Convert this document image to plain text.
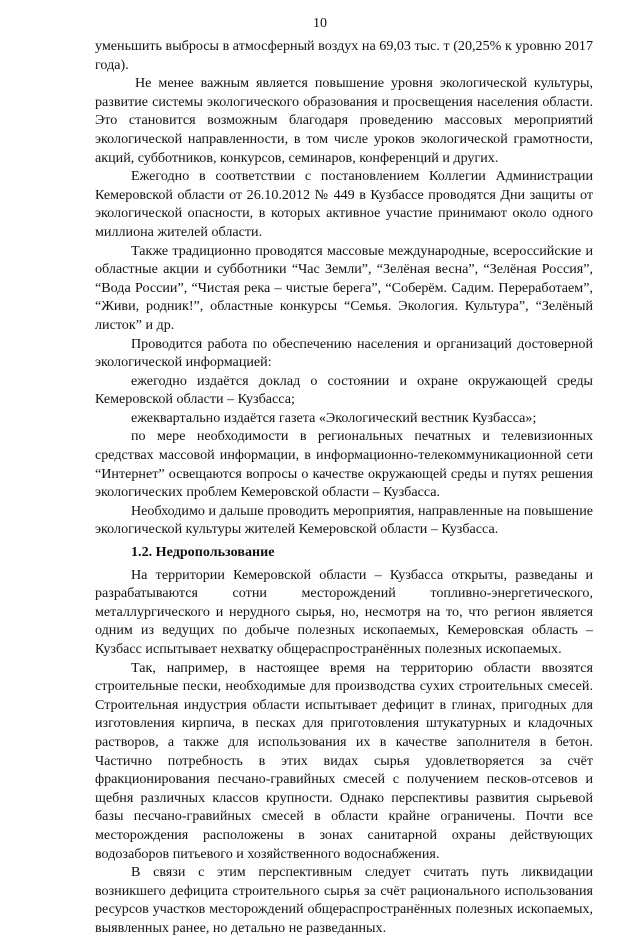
10

уменьшить выбросы в атмосферный воздух на 69,03 тыс. т (20,25% к уровню 2017 года).

Не менее важным является повышение уровня экологической культуры, развитие системы экологического образования и просвещения населения области. Это становится возможным благодаря проведению массовых мероприятий экологической направленности, в том числе уроков экологической грамотности, акций, субботников, конкурсов, семинаров, конференций и других.

Ежегодно в соответствии с постановлением Коллегии Администрации Кемеровской области от 26.10.2012 № 449 в Кузбассе проводятся Дни защиты от экологической опасности, в которых активное участие принимают около одного миллиона жителей области.

Также традиционно проводятся массовые международные, всероссийские и областные акции и субботники “Час Земли”, “Зелёная весна”, “Зелёная Россия”, “Вода России”, “Чистая река – чистые берега”, “Соберём. Садим. Переработаем”, “Живи, родник!”, областные конкурсы “Семья. Экология. Культура”, “Зелёный листок” и др.

Проводится работа по обеспечению населения и организаций достоверной экологической информацией:

ежегодно издаётся доклад о состоянии и охране окружающей среды Кемеровской области – Кузбасса;

ежеквартально издаётся газета «Экологический вестник Кузбасса»;

по мере необходимости в региональных печатных и телевизионных средствах массовой информации, в информационно-телекоммуникационной сети “Интернет” освещаются вопросы о качестве окружающей среды и путях решения экологических проблем Кемеровской области – Кузбасса.

Необходимо и дальше проводить мероприятия, направленные на повышение экологической культуры жителей Кемеровской области – Кузбасса.

1.2. Недропользование

На территории Кемеровской области – Кузбасса открыты, разведаны и разрабатываются сотни месторождений топливно-энергетического, металлургического и нерудного сырья, но, несмотря на то, что регион является одним из ведущих по добыче полезных ископаемых, Кемеровская область – Кузбасс испытывает нехватку общераспространённых полезных ископаемых.

Так, например, в настоящее время на территорию области ввозятся строительные пески, необходимые для производства сухих строительных смесей. Строительная индустрия области испытывает дефицит в глинах, пригодных для изготовления кирпича, в песках для приготовления штукатурных и кладочных растворов, а также для использования их в качестве заполнителя в бетон. Частично потребность в этих видах сырья удовлетворяется за счёт фракционирования песчано-гравийных смесей с получением песков-отсевов и щебня различных классов крупности. Однако перспективы развития сырьевой базы песчано-гравийных смесей в области крайне ограничены. Почти все месторождения расположены в зонах санитарной охраны действующих водозаборов питьевого и хозяйственного водоснабжения.

В связи с этим перспективным следует считать путь ликвидации возникшего дефицита строительного сырья за счёт рационального использования ресурсов участков месторождений общераспространённых полезных ископаемых, выявленных ранее, но детально не разведанных.
